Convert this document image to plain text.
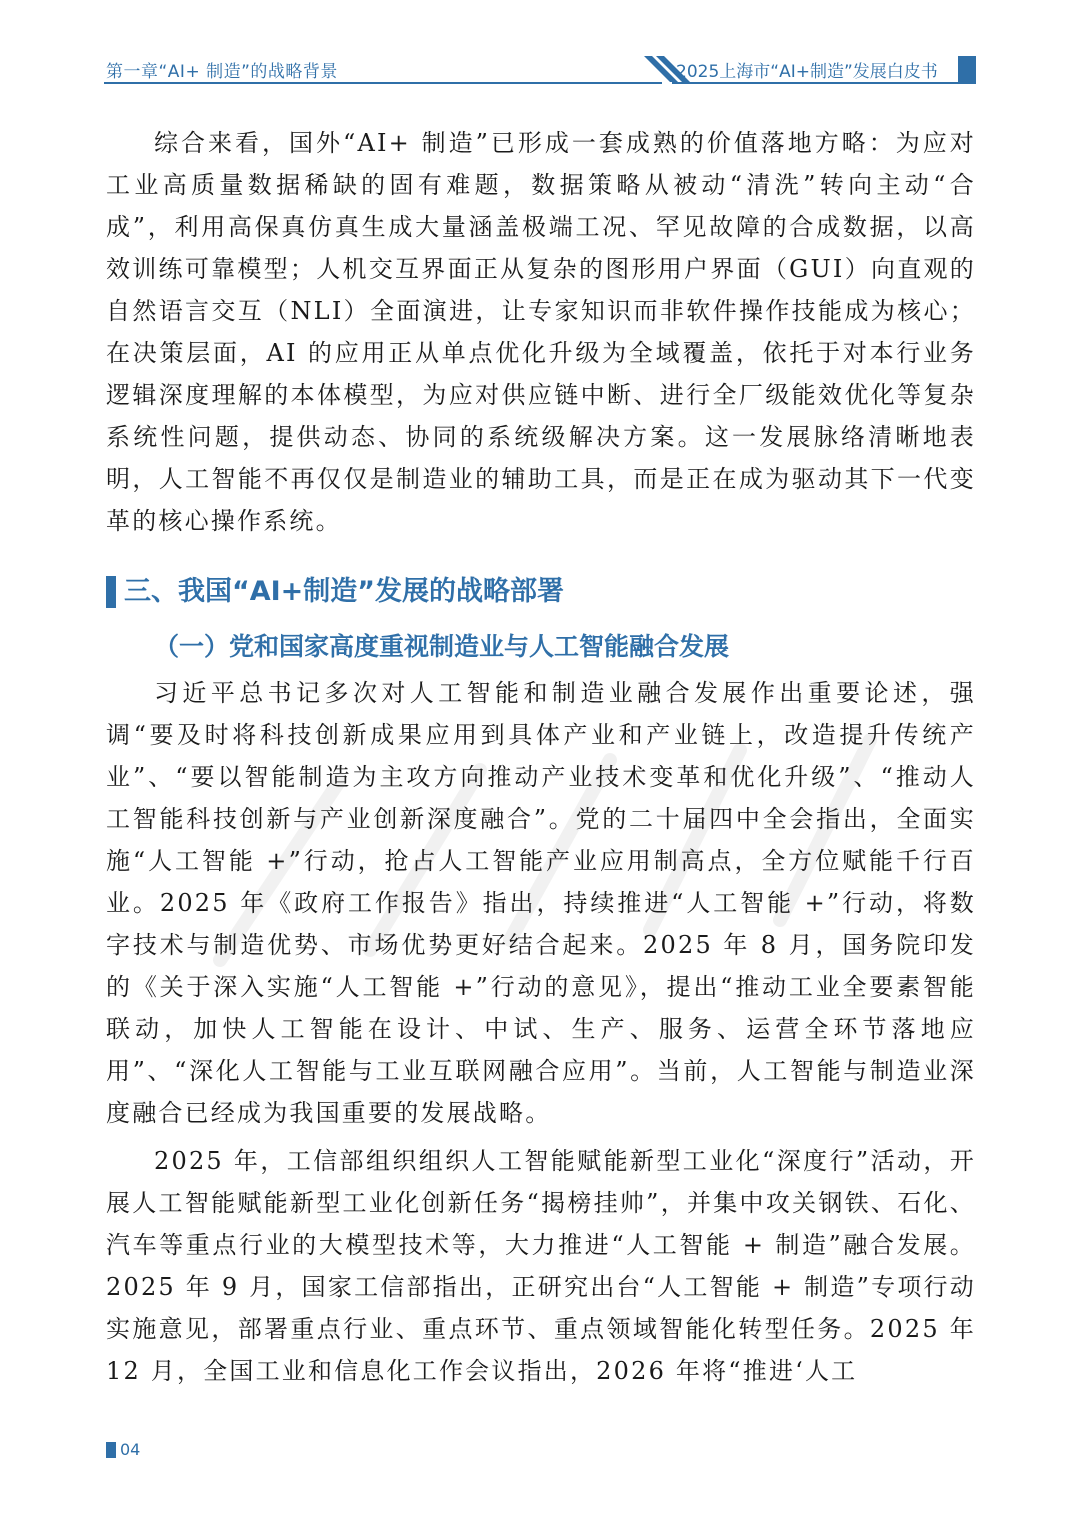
第一章“AI+ 制造”的战略背景	2025上海市“AI+制造”发展白皮书

综合来看，国外“AI+ 制造”已形成一套成熟的价值落地方略：为应对工业高质量数据稀缺的固有难题，数据策略从被动“清洗”转向主动“合成”，利用高保真仿真生成大量涵盖极端工况、罕见故障的合成数据，以高效训练可靠模型；人机交互界面正从复杂的图形用户界面（GUI）向直观的自然语言交互（NLI）全面演进，让专家知识而非软件操作技能成为核心；在决策层面，AI 的应用正从单点优化升级为全域覆盖，依托于对本行业务逻辑深度理解的本体模型，为应对供应链中断、进行全厂级能效优化等复杂系统性问题，提供动态、协同的系统级解决方案。这一发展脉络清晰地表明，人工智能不再仅仅是制造业的辅助工具，而是正在成为驱动其下一代变革的核心操作系统。

三、我国“AI+制造”发展的战略部署
（一）党和国家高度重视制造业与人工智能融合发展

习近平总书记多次对人工智能和制造业融合发展作出重要论述，强调“要及时将科技创新成果应用到具体产业和产业链上，改造提升传统产业”、“要以智能制造为主攻方向推动产业技术变革和优化升级”、“推动人工智能科技创新与产业创新深度融合”。党的二十届四中全会指出，全面实施“人工智能 +”行动，抢占人工智能产业应用制高点，全方位赋能千行百业。2025 年《政府工作报告》指出，持续推进“人工智能 +”行动，将数字技术与制造优势、市场优势更好结合起来。2025 年 8 月，国务院印发的《关于深入实施“人工智能 +”行动的意见》，提出“推动工业全要素智能联动，加快人工智能在设计、中试、生产、服务、运营全环节落地应用”、“深化人工智能与工业互联网融合应用”。当前，人工智能与制造业深度融合已经成为我国重要的发展战略。

2025 年，工信部组织组织人工智能赋能新型工业化“深度行”活动，开展人工智能赋能新型工业化创新任务“揭榜挂帅”，并集中攻关钢铁、石化、汽车等重点行业的大模型技术等，大力推进“人工智能 + 制造”融合发展。2025 年 9 月，国家工信部指出，正研究出台“人工智能 + 制造”专项行动实施意见，部署重点行业、重点环节、重点领域智能化转型任务。2025 年 12 月，全国工业和信息化工作会议指出，2026 年将“推进‘人工

04
